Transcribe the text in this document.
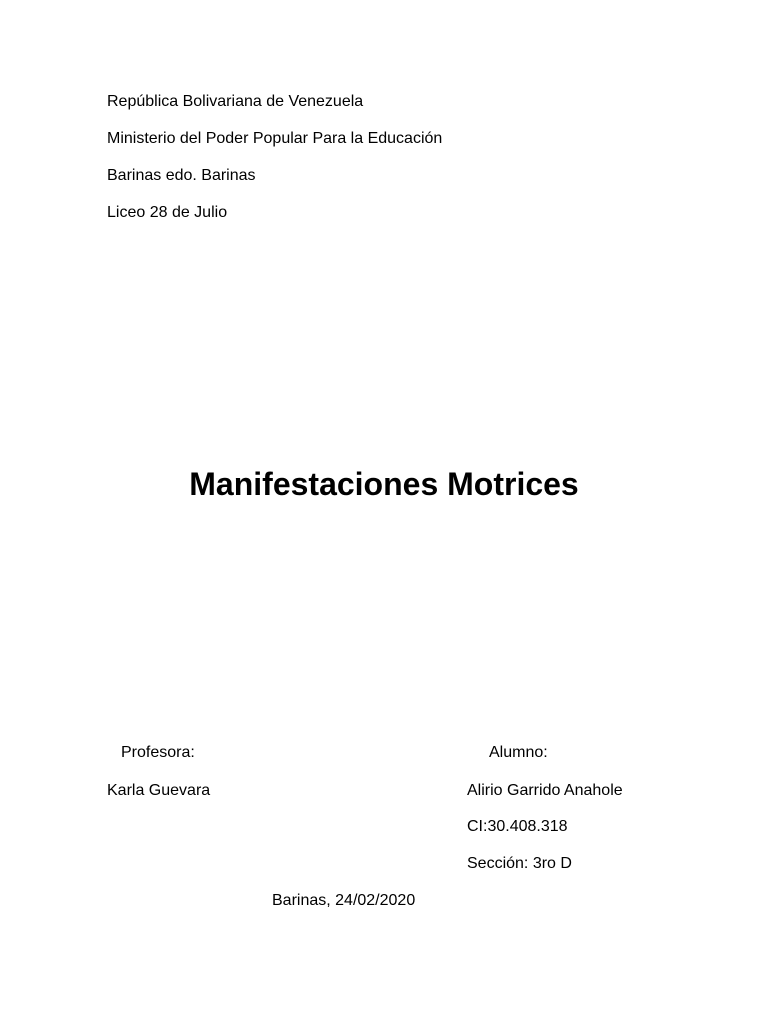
República Bolivariana de Venezuela
Ministerio del Poder Popular Para la Educación
Barinas edo. Barinas
Liceo 28 de Julio
Manifestaciones Motrices
Profesora:
Karla Guevara
Alumno:
Alirio Garrido Anahole
CI:30.408.318
Sección: 3ro D
Barinas, 24/02/2020
